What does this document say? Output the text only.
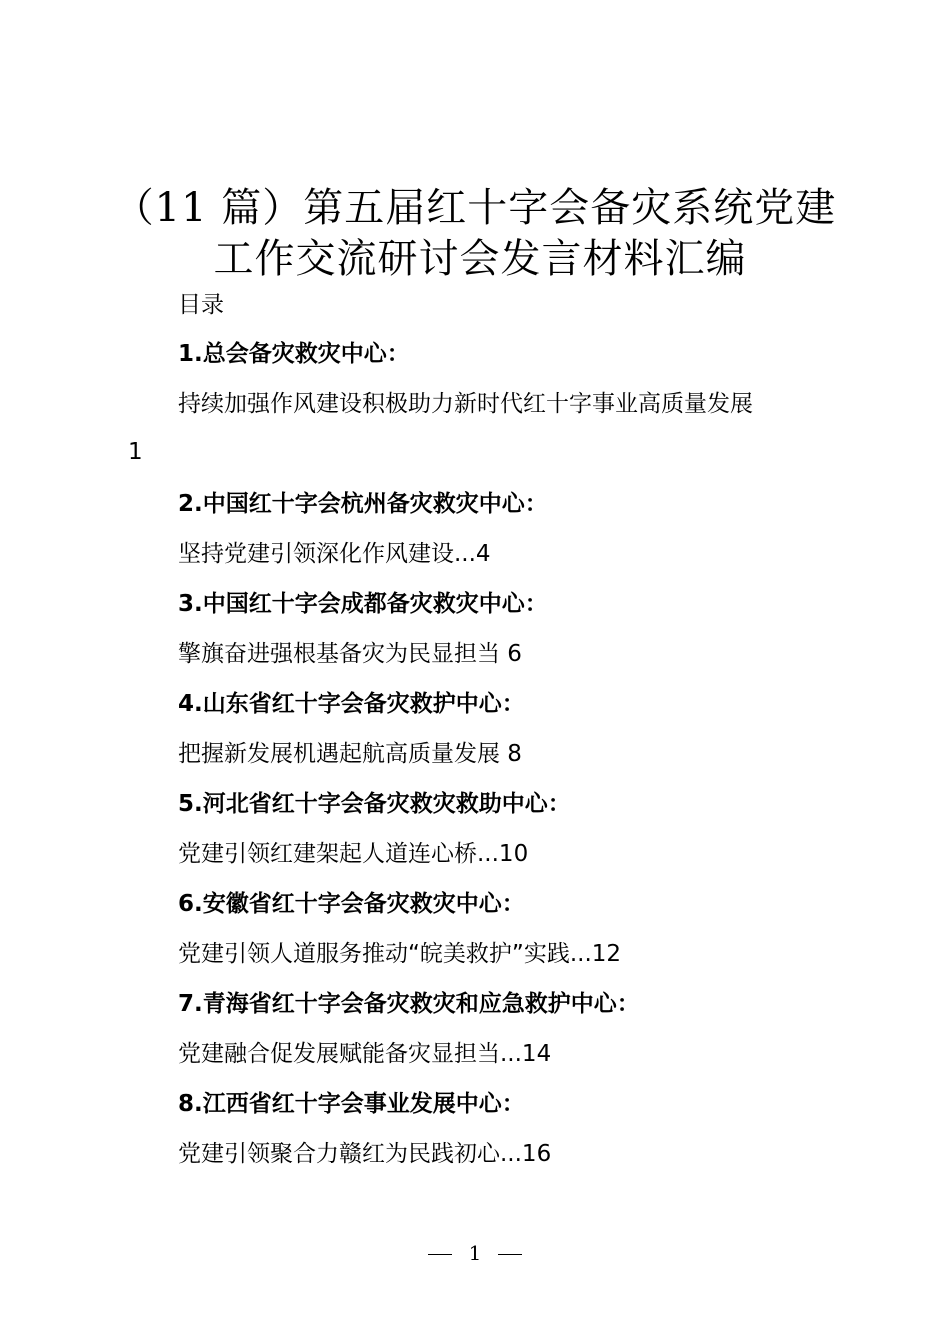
（11 篇）第五届红十字会备灾系统党建
工作交流研讨会发言材料汇编
目录
1.总会备灾救灾中心：
持续加强作风建设积极助力新时代红十字事业高质量发展
1
2.中国红十字会杭州备灾救灾中心：
坚持党建引领深化作风建设...4
3.中国红十字会成都备灾救灾中心：
擎旗奋进强根基备灾为民显担当 6
4.山东省红十字会备灾救护中心：
把握新发展机遇起航高质量发展 8
5.河北省红十字会备灾救灾救助中心：
党建引领红建架起人道连心桥...10
6.安徽省红十字会备灾救灾中心：
党建引领人道服务推动“皖美救护”实践...12
7.青海省红十字会备灾救灾和应急救护中心：
党建融合促发展赋能备灾显担当...14
8.江西省红十字会事业发展中心：
党建引领聚合力赣红为民践初心...16
1
